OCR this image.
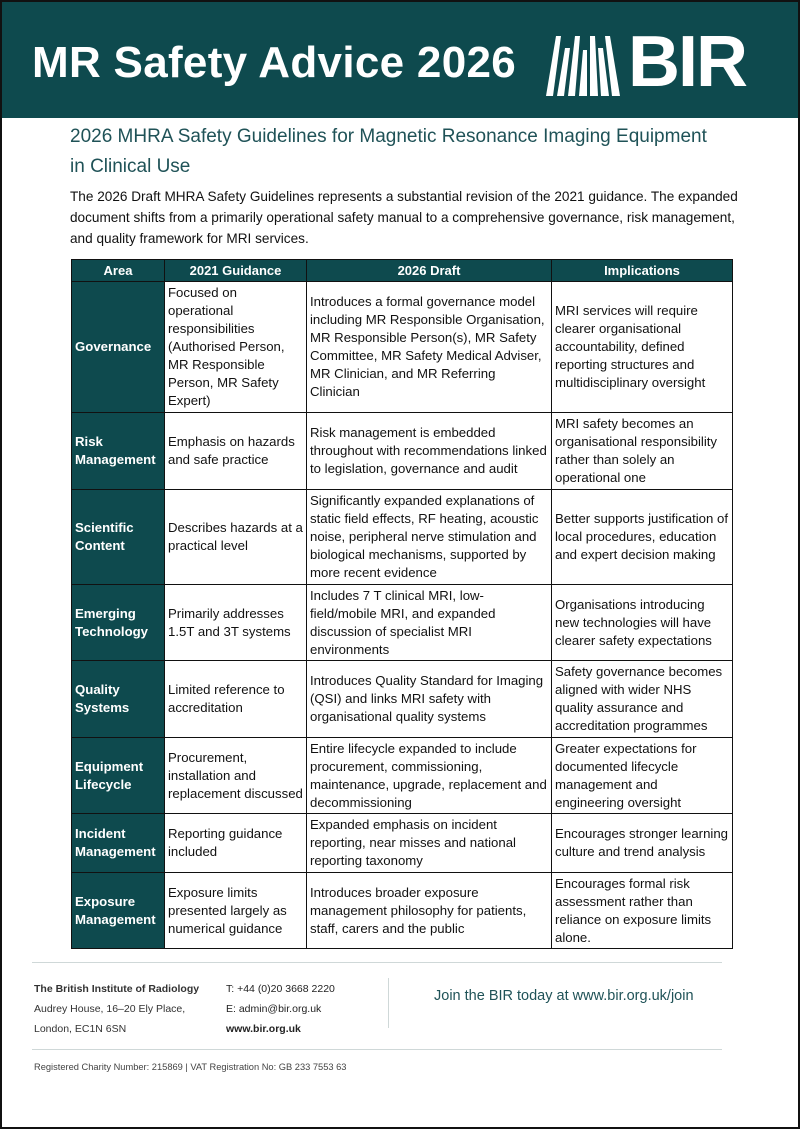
MR Safety Advice 2026 BIR
2026 MHRA Safety Guidelines for Magnetic Resonance Imaging Equipment
in Clinical Use

The 2026 Draft MHRA Safety Guidelines represents a substantial revision of the 2021 guidance. The expanded document shifts from a primarily operational safety manual to a comprehensive governance, risk management, and quality framework for MRI services.

Area	2021 Guidance	2026 Draft	Implications
Governance	Focused on operational responsibilities (Authorised Person, MR Responsible Person, MR Safety Expert)	Introduces a formal governance model including MR Responsible Organisation, MR Responsible Person(s), MR Safety Committee, MR Safety Medical Adviser, MR Clinician, and MR Referring Clinician	MRI services will require clearer organisational accountability, defined reporting structures and multidisciplinary oversight
Risk Management	Emphasis on hazards and safe practice	Risk management is embedded throughout with recommendations linked to legislation, governance and audit	MRI safety becomes an organisational responsibility rather than solely an operational one
Scientific Content	Describes hazards at a practical level	Significantly expanded explanations of static field effects, RF heating, acoustic noise, peripheral nerve stimulation and biological mechanisms, supported by more recent evidence	Better supports justification of local procedures, education and expert decision making
Emerging Technology	Primarily addresses 1.5T and 3T systems	Includes 7 T clinical MRI, low-field/mobile MRI, and expanded discussion of specialist MRI environments	Organisations introducing new technologies will have clearer safety expectations
Quality Systems	Limited reference to accreditation	Introduces Quality Standard for Imaging (QSI) and links MRI safety with organisational quality systems	Safety governance becomes aligned with wider NHS quality assurance and accreditation programmes
Equipment Lifecycle	Procurement, installation and replacement discussed	Entire lifecycle expanded to include procurement, commissioning, maintenance, upgrade, replacement and decommissioning	Greater expectations for documented lifecycle management and engineering oversight
Incident Management	Reporting guidance included	Expanded emphasis on incident reporting, near misses and national reporting taxonomy	Encourages stronger learning culture and trend analysis
Exposure Management	Exposure limits presented largely as numerical guidance	Introduces broader exposure management philosophy for patients, staff, carers and the public	Encourages formal risk assessment rather than reliance on exposure limits alone.
The British Institute of Radiology
Audrey House, 16–20 Ely Place,
London, EC1N 6SN
T: +44 (0)20 3668 2220
E: admin@bir.org.uk
www.bir.org.uk
Join the BIR today at www.bir.org.uk/join
Registered Charity Number: 215869 | VAT Registration No: GB 233 7553 63
